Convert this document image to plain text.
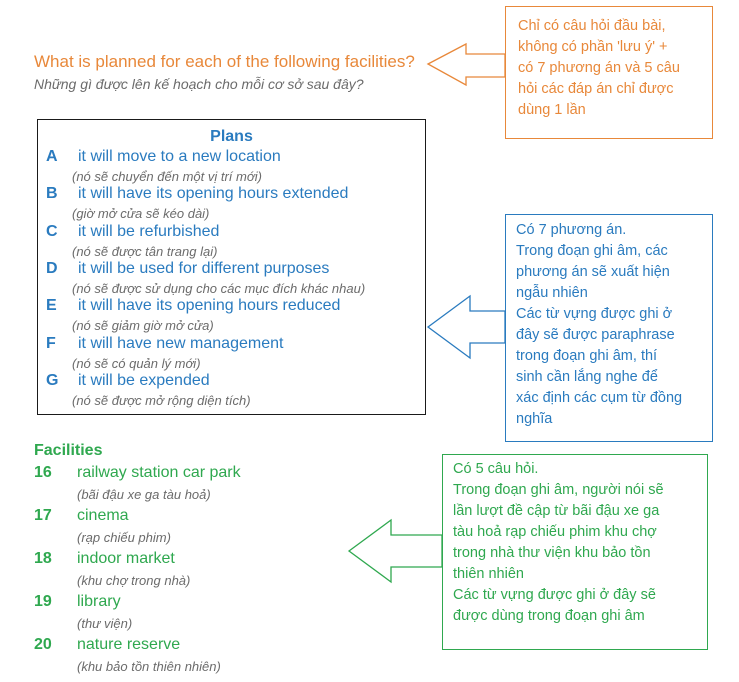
What is planned for each of the following facilities?
Những gì được lên kế hoạch cho mỗi cơ sở sau đây?
Plans
A it will move to a new location
(nó sẽ chuyển đến một vị trí mới)
B it will have its opening hours extended
(giờ mở cửa sẽ kéo dài)
C it will be refurbished
(nó sẽ được tân trang lại)
D it will be used for different purposes
(nó sẽ được sử dụng cho các mục đích khác nhau)
E it will have its opening hours reduced
(nó sẽ giảm giờ mở cửa)
F it will have new management
(nó sẽ có quản lý mới)
G it will be expended
(nó sẽ được mở rộng diện tích)
Facilities
16 railway station car park
(bãi đậu xe ga tàu hoả)
17 cinema
(rạp chiếu phim)
18 indoor market
(khu chợ trong nhà)
19 library
(thư viện)
20 nature reserve
(khu bảo tồn thiên nhiên)
Chỉ có câu hỏi đầu bài,
không có phần 'lưu ý' +
có 7 phương án và 5 câu
hỏi các đáp án chỉ được
dùng 1 lần
Có 7 phương án.
Trong đoạn ghi âm, các
phương án sẽ xuất hiện
ngẫu nhiên
Các từ vựng được ghi ở
đây sẽ được paraphrase
trong đoạn ghi âm, thí
sinh cần lắng nghe để
xác định các cụm từ đồng
nghĩa
Có 5 câu hỏi.
Trong đoạn ghi âm, người nói sẽ
lần lượt đề cập từ bãi đậu xe ga
tàu hoả rạp chiếu phim khu chợ
trong nhà thư viện khu bảo tồn
thiên nhiên
Các từ vựng được ghi ở đây sẽ
được dùng trong đoạn ghi âm
